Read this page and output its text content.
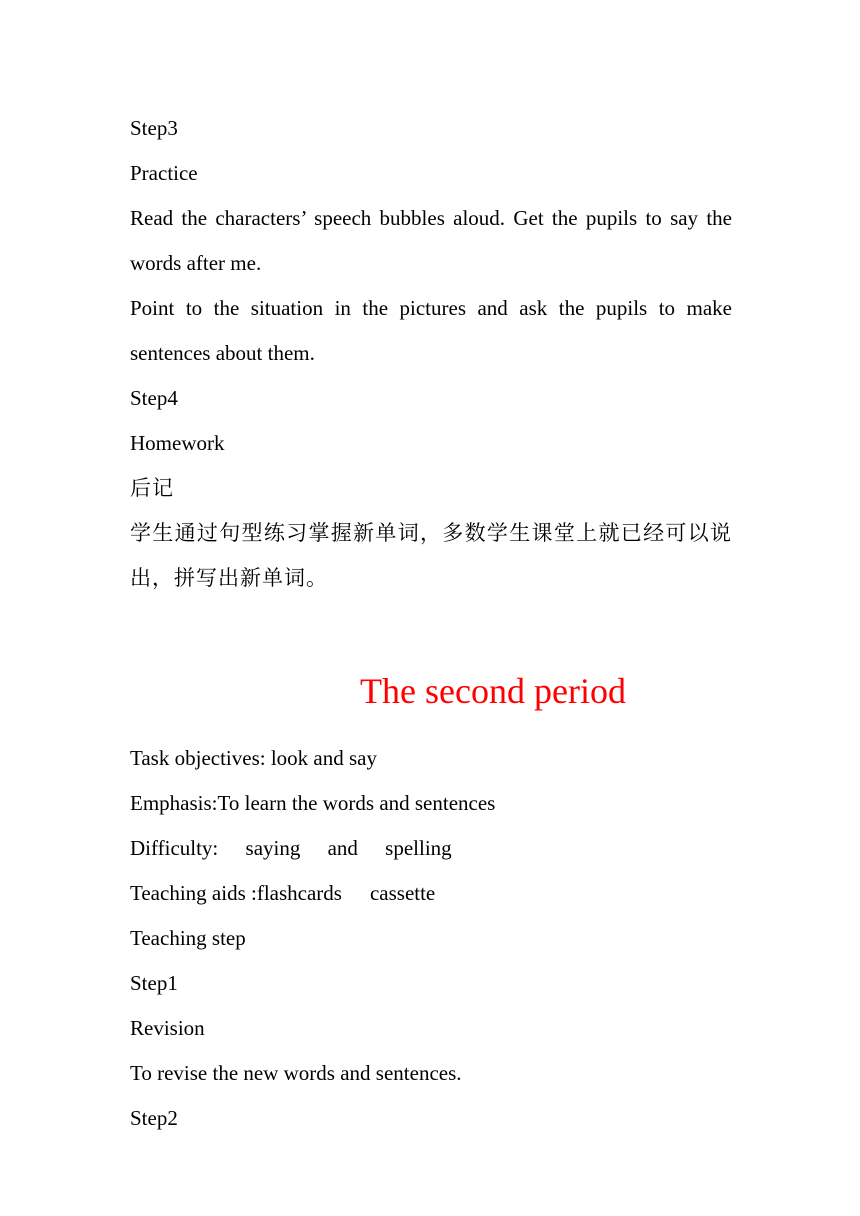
Step3
Practice
Read the characters’ speech bubbles aloud. Get the pupils to say the words after me.
Point to the situation in the pictures and ask the pupils to make sentences about them.
Step4
Homework
后记
学生通过句型练习掌握新单词，多数学生课堂上就已经可以说出，拼写出新单词。
The second period
Task objectives: look and say
Emphasis:To learn the words and sentences
Difficulty: saying and spelling
Teaching aids :flashcards cassette
Teaching step
Step1
Revision
To revise the new words and sentences.
Step2
